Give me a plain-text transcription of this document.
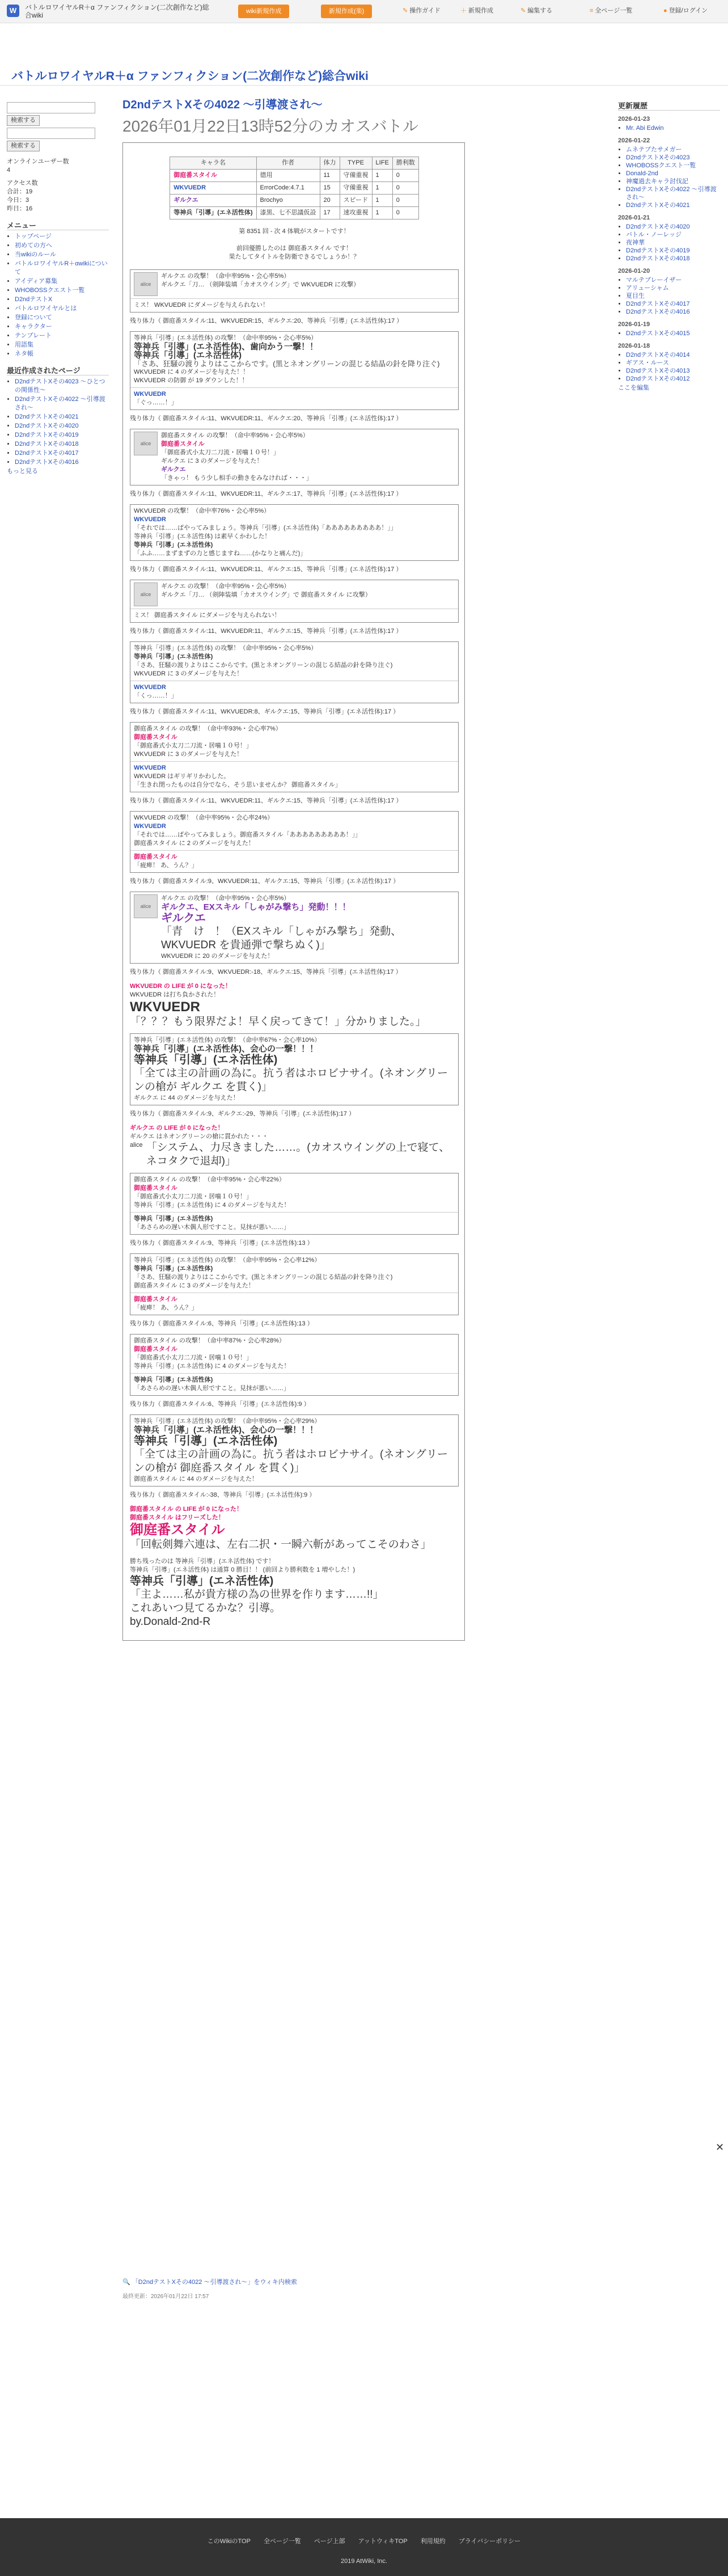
W	バトルロワイヤルR＋α ファンフィクション(二次創作など)総合wiki	wiki新規作成	新規作成(楽)	✎ 操作ガイド	＋ 新規作成	✎ 編集する	≡ 全ページ一覧	● 登録/ログイン
バトルロワイヤルR＋α ファンフィクション(二次創作など)総合wiki

検索する

検索する
オンラインユーザー数
4
アクセス数
合計：19
今日：3
昨日：16
メニュー
• トップページ
• 初めての方へ
• 当wikiのルール
• バトルロワイヤルR＋αwikiについて
• アイディア募集
• WHOBOSSクエスト一覧
• D2ndテストX
• バトルロワイヤルとは
• 登録について
• キャラクター
• テンプレート
• 用語集
• ネタ帳
最近作成されたページ
• D2ndテストXその4023 〜ひとつの関係性〜
• D2ndテストXその4022 〜引導渡され〜
• D2ndテストXその4021
• D2ndテストXその4020
• D2ndテストXその4019
• D2ndテストXその4018
• D2ndテストXその4017
• D2ndテストXその4016
もっと見る
更新履歴
2026-01-23
• Mr. Abi Edwin
2026-01-22
• ムネテブたサメガー
• D2ndテストXその4023
• WHOBOSSクエスト一覧
• Donald-2nd
• 神魔過去キャラ討伐記
• D2ndテストXその4022 〜引導渡され〜
• D2ndテストXその4021
2026-01-21
• D2ndテストXその4020
• バトル・ノーレッジ
• 夜神華
• D2ndテストXその4019
• D2ndテストXその4018
2026-01-20
• マルテブレーイザー
• アリューシャム
• 夏目生
• D2ndテストXその4017
• D2ndテストXその4016
2026-01-19
• D2ndテストXその4015
2026-01-18
• D2ndテストXその4014
• ギアス・ルース
• D2ndテストXその4013
• D2ndテストXその4012
ここを編集
D2ndテストXその4022 〜引導渡され〜
2026年01月22日13時52分のカオスバトル
キャラ名	作者	体力	TYPE	LIFE	勝利数
御庭番スタイル	德用	11	守備重視	1	0
WKVUEDR	ErrorCode:4.7.1	15	守備重視	1	0
ギルクエ	Brochyo	20	スピード	1	0
等神兵「引導」(エネ活性体)	漆黒、七不思議仮設	17	速攻重視	1	0
第 8351 回 - 次 4 体戦がスタートです！

前回優勝したのは 御庭番スタイル です！
果たしてタイトルを防衛できるでしょうか！？
alice
ギルクエ の攻撃！（命中率95%・会心率5%）
ギルクエ「刀… （剣陣装填「カオスウイング」で WKVUEDR に攻撃）
ミス！ WKVUEDR にダメージを与えられない！
残り体力（ 御庭番スタイル:11、WKVUEDR:15、ギルクエ:20、等神兵「引導」(エネ活性体):17 ）
等神兵「引導」(エネ活性体) の攻撃！（命中率95%・会心率5%）
等神兵「引導」(エネ活性体)、歯向かう一撃！！
等神兵「引導」(エネ活性体)
「さあ、狂騒の渡りよりはここからです。(黒とネオングリーンの混じる結晶の針を降り注ぐ)
WKVUEDR に 4 のダメージを与えた！！
WKVUEDR の防御 が 19 ダウンした！！
WKVUEDR
「ぐっ……！」
残り体力（ 御庭番スタイル:11、WKVUEDR:11、ギルクエ:20、等神兵「引導」(エネ活性体):17 ）
alice
御庭番スタイル の攻撃！（命中率95%・会心率5%）
御庭番スタイル
「御庭番式小太刀二刀流・居噛１０号！」
ギルクエ に 3 のダメージを与えた！
ギルクエ
「きゃっ！ もう少し相手の動きをみなければ・・・」
残り体力（ 御庭番スタイル:11、WKVUEDR:11、ギルクエ:17、等神兵「引導」(エネ活性体):17 ）
WKVUEDR の攻撃！（命中率76%・会心率5%）
WKVUEDR
「それでは……ぱやってみましょう。等神兵「引導」(エネ活性体)「あああああああああ！」」
等神兵「引導」(エネ活性体) は素早くかわした！
等神兵「引導」(エネ活性体)
「ふふ……まずまずの力と感じますね……(かなりと痛んだ)」
残り体力（ 御庭番スタイル:11、WKVUEDR:11、ギルクエ:15、等神兵「引導」(エネ活性体):17 ）
alice
ギルクエ の攻撃！（命中率95%・会心率5%）
ギルクエ「刀… （剣陣装填「カオスウイング」で 御庭番スタイル に攻撃）
ミス！ 御庭番スタイル にダメージを与えられない！
残り体力（ 御庭番スタイル:11、WKVUEDR:11、ギルクエ:15、等神兵「引導」(エネ活性体):17 ）
等神兵「引導」(エネ活性体) の攻撃！（命中率95%・会心率5%）
等神兵「引導」(エネ活性体)
「さあ、狂騒の渡りよりはここからです。(黒とネオングリーンの混じる結晶の針を降り注ぐ)
WKVUEDR に 3 のダメージを与えた！
WKVUEDR
「くっ……！」
残り体力（ 御庭番スタイル:11、WKVUEDR:8、ギルクエ:15、等神兵「引導」(エネ活性体):17 ）
御庭番スタイル の攻撃！（命中率93%・会心率7%）
御庭番スタイル
「御庭番式小太刀二刀流・居噛１０号！」
WKVUEDR に 3 のダメージを与えた！
WKVUEDR
WKVUEDR はギリギリかわした。
「生きれ閉ったものは自分でなら、そう思いませんか？ 御庭番スタイル」
残り体力（ 御庭番スタイル:11、WKVUEDR:11、ギルクエ:15、等神兵「引導」(エネ活性体):17 ）
WKVUEDR の攻撃！（命中率95%・会心率24%）
WKVUEDR
「それでは……ぱやってみましょう。御庭番スタイル「あああああああああ！」」
御庭番スタイル に 2 のダメージを与えた！
御庭番スタイル
「疲痺！ あ、うん？」
残り体力（ 御庭番スタイル:9、WKVUEDR:11、ギルクエ:15、等神兵「引導」(エネ活性体):17 ）
alice
ギルクエ の攻撃！（命中率95%・会心率5%）
ギルクエ、EXスキル「しゃがみ撃ち」発動！！！
ギルクエ
「青　け　！（EXスキル「しゃがみ撃ち」発動、WKVUEDR を貴通弾で撃ちぬく)」
WKVUEDR に 20 のダメージを与えた！
残り体力（ 御庭番スタイル:9、WKVUEDR:-18、ギルクエ:15、等神兵「引導」(エネ活性体):17 ）
WKVUEDR の LIFE が 0 になった！
WKVUEDR は打ち負かされた！
WKVUEDR
「？？？もう限界だよ！早く戻ってきて！」分かりました。」
等神兵「引導」(エネ活性体) の攻撃！（命中率67%・会心率10%）
等神兵「引導」(エネ活性体)、会心の一撃！！！
等神兵「引導」(エネ活性体)
「全ては主の計画の為に。抗う者はホロビナサイ。(ネオングリーンの槍が ギルクエ を貫く)」
ギルクエ に 44 のダメージを与えた！
残り体力（ 御庭番スタイル:9、ギルクエ:-29、等神兵「引導」(エネ活性体):17 ）
ギルクエ の LIFE が 0 になった！
ギルクエ はネオングリーンの槍に貫かれた・・・
alice 「システム、力尽きました……。(カオスウイングの上で寝て、ネコタクで退却)」
御庭番スタイル の攻撃！（命中率95%・会心率22%）
御庭番スタイル
「御庭番式小太刀二刀流・居噛１０号！」
等神兵「引導」(エネ活性体) に 4 のダメージを与えた！
等神兵「引導」(エネ活性体)
「あさらめの遅い木偶人形ですこと。見抹が悪い……」
残り体力（ 御庭番スタイル:9、等神兵「引導」(エネ活性体):13 ）
等神兵「引導」(エネ活性体) の攻撃！（命中率95%・会心率12%）
等神兵「引導」(エネ活性体)
「さあ、狂騒の渡りよりはここからです。(黒とネオングリーンの混じる結晶の針を降り注ぐ)
御庭番スタイル に 3 のダメージを与えた！
御庭番スタイル
「疲痺！ あ、うん？」
残り体力（ 御庭番スタイル:6、等神兵「引導」(エネ活性体):13 ）
御庭番スタイル の攻撃！（命中率87%・会心率28%）
御庭番スタイル
「御庭番式小太刀二刀流・居噛１０号！」
等神兵「引導」(エネ活性体) に 4 のダメージを与えた！
等神兵「引導」(エネ活性体)
「あさらめの遅い木偶人形ですこと。見抹が悪い……」
残り体力（ 御庭番スタイル:6、等神兵「引導」(エネ活性体):9 ）
等神兵「引導」(エネ活性体) の攻撃！（命中率95%・会心率29%）
等神兵「引導」(エネ活性体)、会心の一撃！！！
等神兵「引導」(エネ活性体)
「全ては主の計画の為に。抗う者はホロビナサイ。(ネオングリーンの槍が 御庭番スタイル を貫く)」
御庭番スタイル に 44 のダメージを与えた！
残り体力（ 御庭番スタイル:-38、等神兵「引導」(エネ活性体):9 ）
御庭番スタイル の LIFE が 0 になった！
御庭番スタイル はフリーズした！
御庭番スタイル
「回転剣舞六連は、左右二択・一瞬六斬があってこそのわさ」
勝ち残ったのは 等神兵「引導」(エネ活性体) です！
等神兵「引導」(エネ活性体) は通算 0 勝目！！ (前回より勝利数を 1 増やした！)
等神兵「引導」(エネ活性体)
「主よ……私が貴方様の為の世界を作ります……!!」
これあいつ見てるかな？引導。
by.Donald-2nd-R
🔍 「D2ndテストXその4022 〜引導渡され〜」をウィキ内検索
最終更新：2026年01月22日 17:57
✕
このWikiのTOP 全ページ一覧 ページ上部 アットウィキTOP 利用規約 プライバシーポリシー
2019 AtWiki, Inc.
